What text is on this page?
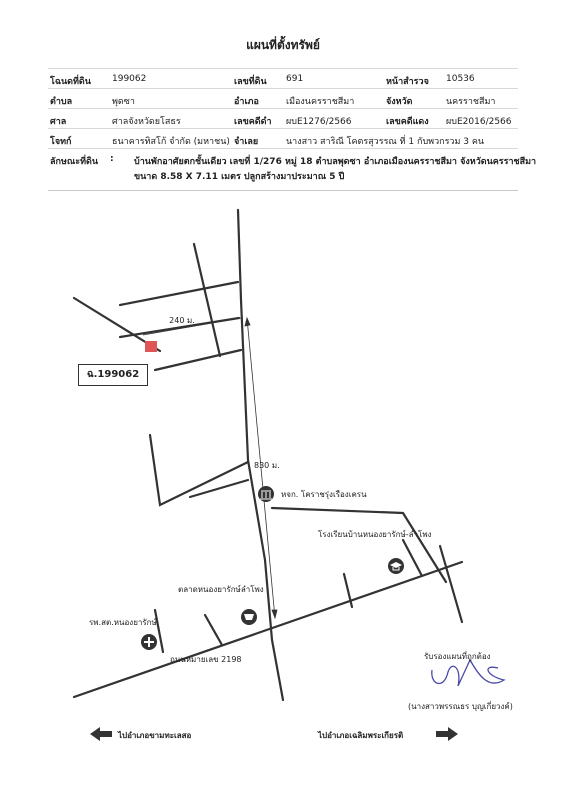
แผนที่ตั้งทรัพย์
โฉนดที่ดิน 199062	เลขที่ดิน 691	หน้าสำรวจ 10536
ตำบล	พุดซา	อำเภอ	เมืองนครราชสีมา	จังหวัด	นครราชสีมา
ศาล	ศาลจังหวัดยโสธร	เลขคดีดำ ผบE1276/2566	เลขคดีแดง ผบE2016/2566
โจทก์	ธนาคารทิสโก้ จำกัด (มหาชน) จำเลย	นางสาว สาริณี โคตรสุวรรณ ที่ 1 กับพวกรวม 3 คน
ลักษณะที่ดิน : บ้านพักอาศัยตกชั้นเดียว เลขที่ 1/276 หมู่ 18 ตำบลพุดซา อำเภอเมืองนครราชสีมา จังหวัดนครราชสีมา
ขนาด 8.58 X 7.11 เมตร ปลูกสร้างมาประมาณ 5 ปี
240 ม.
830 ม.
หจก. โคราชรุ่งเรืองเครน
โรงเรียนบ้านหนองยารักษ์-ลำโพง
ตลาดหนองยารักษ์ลำโพง
รพ.สต.หนองยารักษ์
ถนนหมายเลข 2198
ฉ.199062
รับรองแผนที่ถูกต้อง
(นางสาวพรรณธร บุญเกี่ยวงค์)
ไปอำเภอขามทะเลสอ	ไปอำเภอเฉลิมพระเกียรติ
